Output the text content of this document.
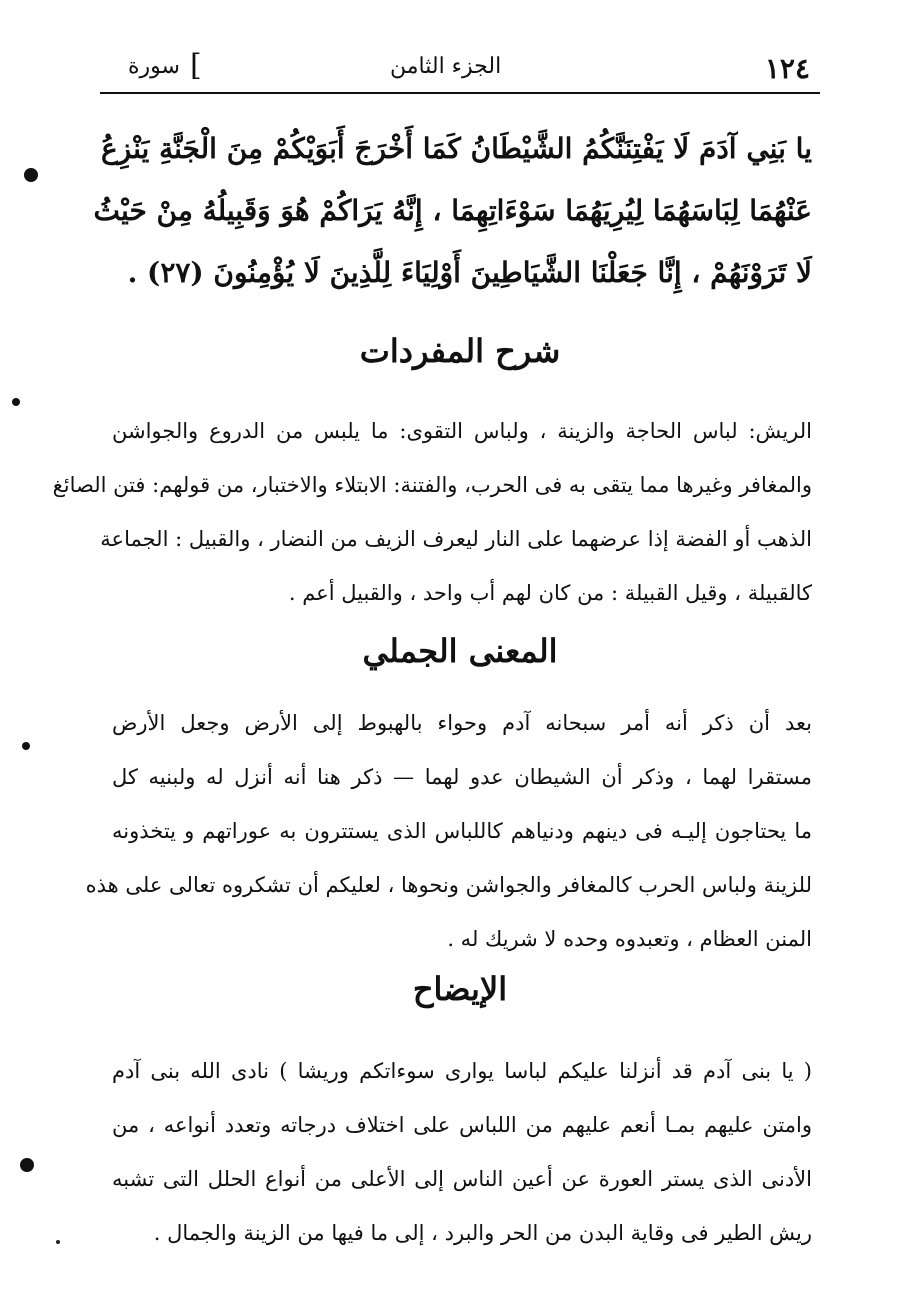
١٢٤
الجزء الثامن
[
سورة
يا بَنِي آدَمَ لَا يَفْتِنَنَّكُمُ الشَّيْطَانُ كَمَا أَخْرَجَ أَبَوَيْكُمْ مِنَ الْجَنَّةِ يَنْزِعُ
عَنْهُمَا لِبَاسَهُمَا لِيُرِيَهُمَا سَوْءَاتِهِمَا ، إِنَّهُ يَرَاكُمْ هُوَ وَقَبِيلُهُ مِنْ حَيْثُ
لَا تَرَوْنَهُمْ ، إِنَّا جَعَلْنَا الشَّيَاطِينَ أَوْلِيَاءَ لِلَّذِينَ لَا يُؤْمِنُونَ (٢٧) .
شرح المفردات
الريش: لباس الحاجة والزينة ، ولباس التقوى: ما يلبس من الدروع والجواشن
والمغافر وغيرها مما يتقى به فى الحرب، والفتنة: الابتلاء والاختبار، من قولهم: فتن الصائغ
الذهب أو الفضة إذا عرضهما على النار ليعرف الزيف من النضار ، والقبيل : الجماعة
كالقبيلة ، وقيل القبيلة : من كان لهم أب واحد ، والقبيل أعم .
المعنى الجملي
بعد أن ذكر أنه أمر سبحانه آدم وحواء بالهبوط إلى الأرض وجعل الأرض
مستقرا لهما ، وذكر أن الشيطان عدو لهما — ذكر هنا أنه أنزل له ولبنيه كل
ما يحتاجون إليـه فى دينهم ودنياهم كاللباس الذى يستترون به عوراتهم و يتخذونه
للزينة ولباس الحرب كالمغافر والجواشن ونحوها ، لعليكم أن تشكروه تعالى على هذه
المنن العظام ، وتعبدوه وحده لا شريك له .
الإيضاح
( يا بنى آدم قد أنزلنا عليكم لباسا يوارى سوءاتكم وريشا ) نادى الله بنى آدم
وامتن عليهم بمـا أنعم عليهم من اللباس على اختلاف درجاته وتعدد أنواعه ، من
الأدنى الذى يستر العورة عن أعين الناس إلى الأعلى من أنواع الحلل التى تشبه
ريش الطير فى وقاية البدن من الحر والبرد ، إلى ما فيها من الزينة والجمال .
